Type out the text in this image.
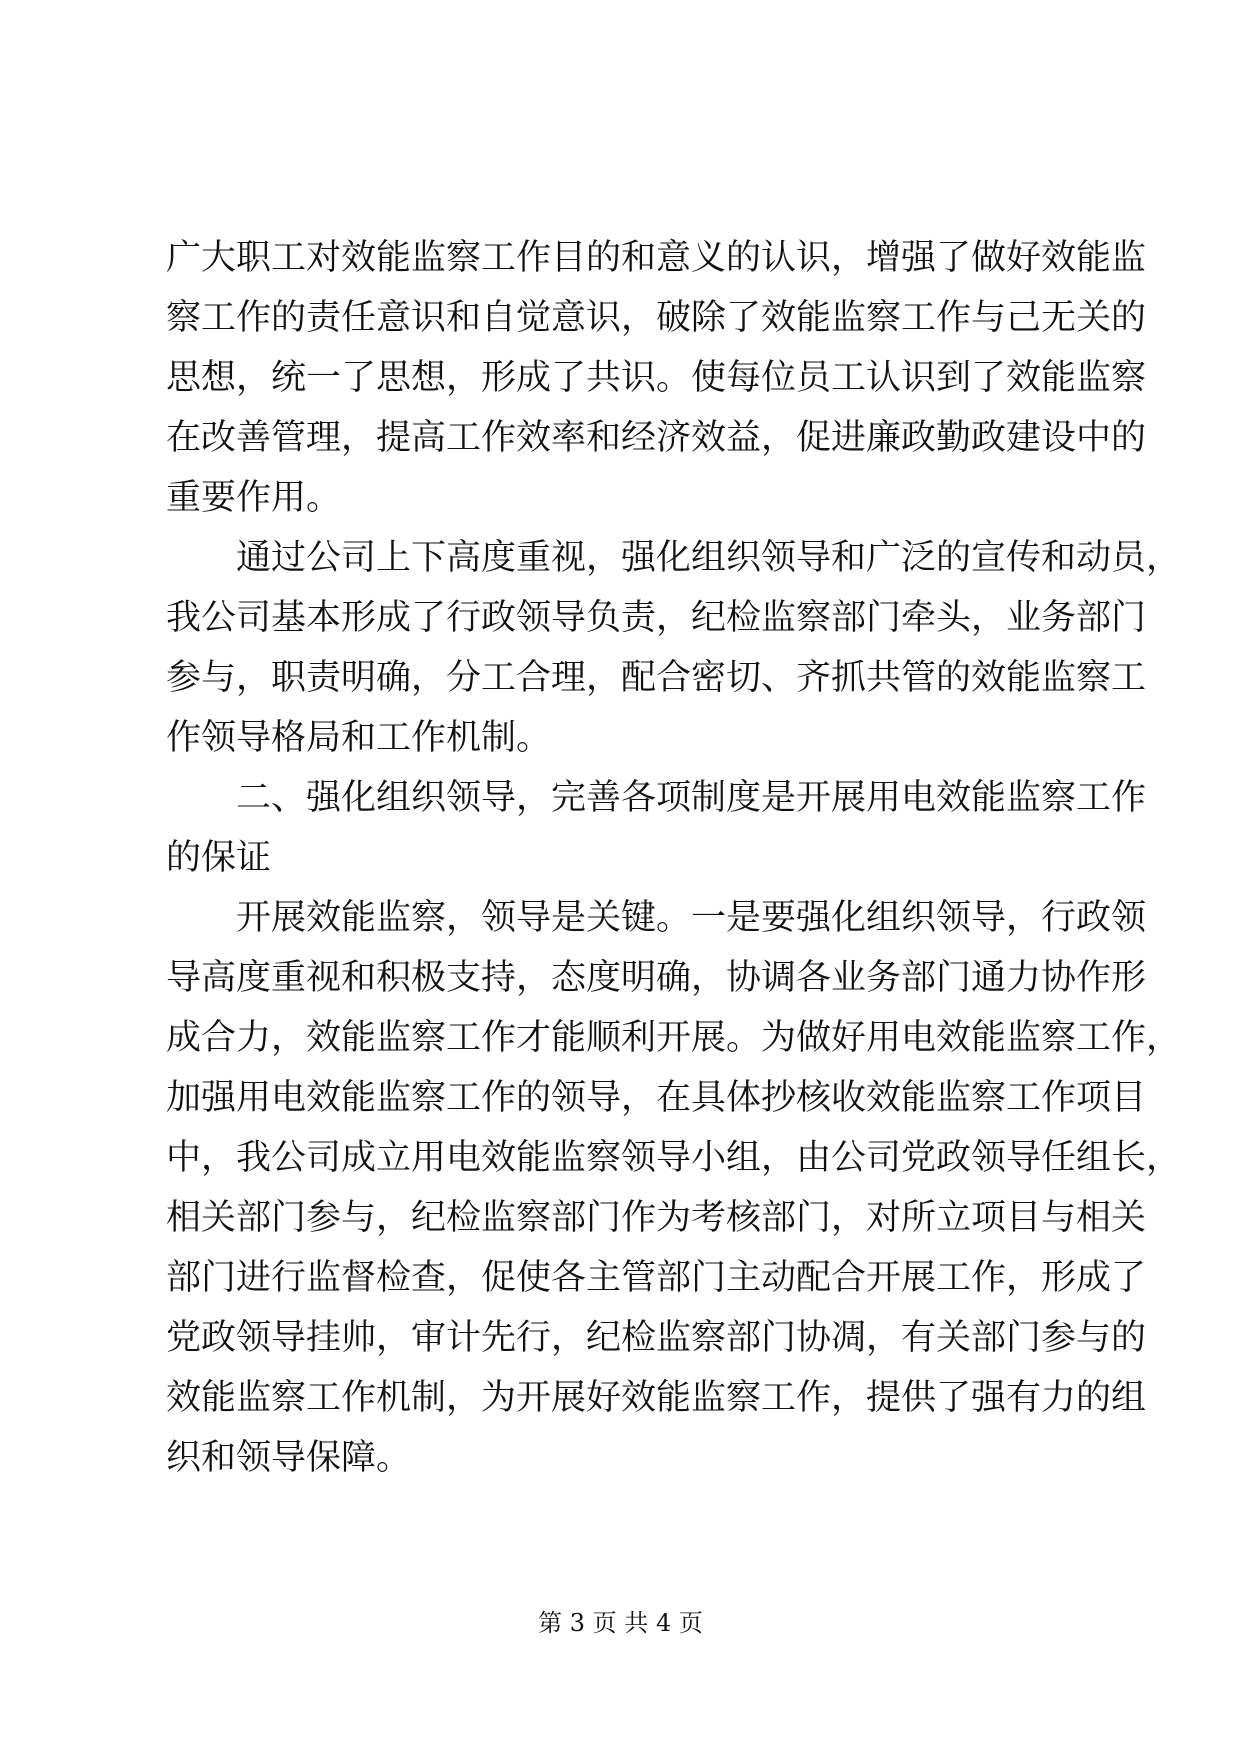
广大职工对效能监察工作目的和意义的认识，增强了做好效能监
察工作的责任意识和自觉意识，破除了效能监察工作与己无关的
思想，统一了思想，形成了共识。使每位员工认识到了效能监察
在改善管理，提高工作效率和经济效益，促进廉政勤政建设中的
重要作用。
通过公司上下高度重视，强化组织领导和广泛的宣传和动员，
我公司基本形成了行政领导负责，纪检监察部门牵头，业务部门
参与，职责明确，分工合理，配合密切、齐抓共管的效能监察工
作领导格局和工作机制。
二、强化组织领导，完善各项制度是开展用电效能监察工作
的保证
开展效能监察，领导是关键。一是要强化组织领导，行政领
导高度重视和积极支持，态度明确，协调各业务部门通力协作形
成合力，效能监察工作才能顺利开展。为做好用电效能监察工作，
加强用电效能监察工作的领导，在具体抄核收效能监察工作项目
中，我公司成立用电效能监察领导小组，由公司党政领导任组长，
相关部门参与，纪检监察部门作为考核部门，对所立项目与相关
部门进行监督检查，促使各主管部门主动配合开展工作，形成了
党政领导挂帅，审计先行，纪检监察部门协凋，有关部门参与的
效能监察工作机制，为开展好效能监察工作，提供了强有力的组
织和领导保障。
第 3 页 共 4 页
